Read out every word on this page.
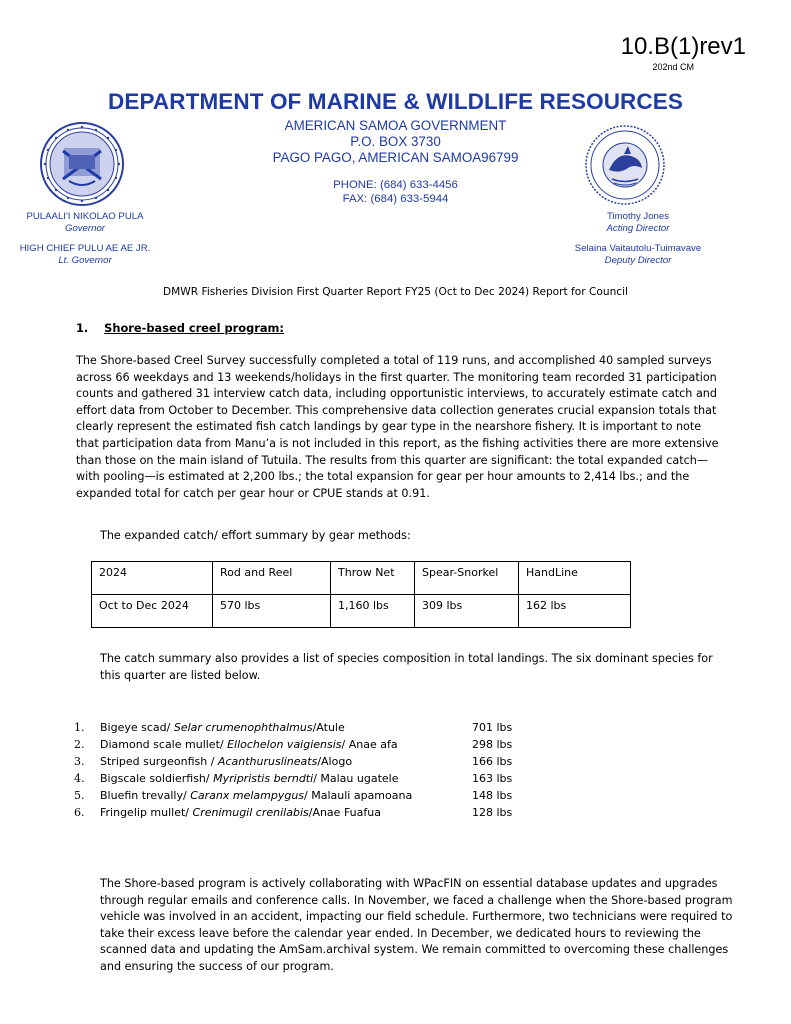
10.B(1)rev1
202nd CM
DEPARTMENT OF MARINE & WILDLIFE RESOURCES
AMERICAN SAMOA GOVERNMENT
P.O. BOX 3730
PAGO PAGO, AMERICAN SAMOA96799
PHONE: (684) 633-4456
FAX: (684) 633-5944
PULAALI'I NIKOLAO PULA
Governor
HIGH CHIEF PULU AE AE JR.
Lt. Governor
Timothy Jones
Acting Director
Selaina Vaitautolu-Tuimavave
Deputy Director
DMWR Fisheries Division First Quarter Report FY25 (Oct to Dec 2024) Report for Council
1. Shore-based creel program:
The Shore-based Creel Survey successfully completed a total of 119 runs, and accomplished 40 sampled surveys across 66 weekdays and 13 weekends/holidays in the first quarter. The monitoring team recorded 31 participation counts and gathered 31 interview catch data, including opportunistic interviews, to accurately estimate catch and effort data from October to December. This comprehensive data collection generates crucial expansion totals that clearly represent the estimated fish catch landings by gear type in the nearshore fishery. It is important to note that participation data from Manu’a is not included in this report, as the fishing activities there are more extensive than those on the main island of Tutuila. The results from this quarter are significant: the total expanded catch—with pooling—is estimated at 2,200 lbs.; the total expansion for gear per hour amounts to 2,414 lbs.; and the expanded total for catch per gear hour or CPUE stands at 0.91.
The expanded catch/ effort summary by gear methods:
2024	Rod and Reel	Throw Net	Spear-Snorkel	HandLine
Oct to Dec 2024	570 lbs	1,160 lbs	309 lbs	162 lbs
The catch summary also provides a list of species composition in total landings. The six dominant species for this quarter are listed below.
1.	Bigeye scad/ Selar crumenophthalmus/Atule	701 lbs
2.	Diamond scale mullet/ Ellochelon vaigiensis/ Anae afa	298 lbs
3.	Striped surgeonfish / Acanthuruslineats/Alogo	166 lbs
4.	Bigscale soldierfish/ Myripristis berndti/ Malau ugatele	163 lbs
5.	Bluefin trevally/ Caranx melampygus/ Malauli apamoana	148 lbs
6.	Fringelip mullet/ Crenimugil crenilabis/Anae Fuafua	128 lbs
The Shore-based program is actively collaborating with WPacFIN on essential database updates and upgrades through regular emails and conference calls. In November, we faced a challenge when the Shore-based program vehicle was involved in an accident, impacting our field schedule. Furthermore, two technicians were required to take their excess leave before the calendar year ended. In December, we dedicated hours to reviewing the scanned data and updating the AmSam.archival system. We remain committed to overcoming these challenges and ensuring the success of our program.
